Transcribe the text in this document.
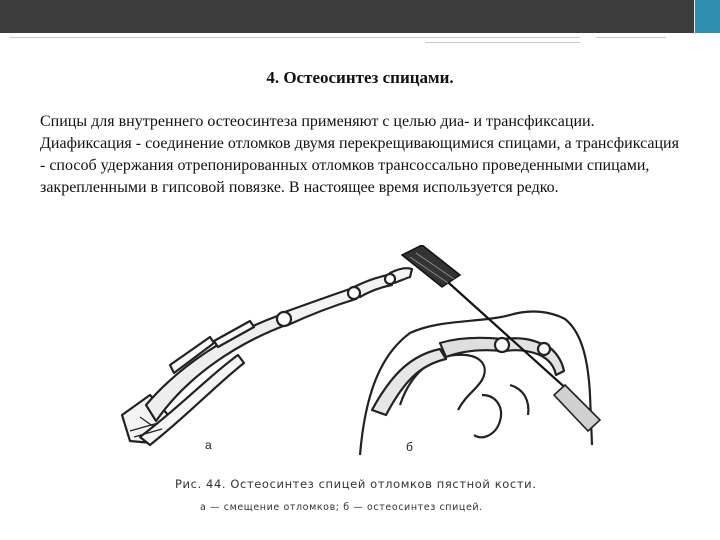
4. Остеосинтез спицами.
Спицы для внутреннего остеосинтеза применяют с целью диа- и трансфиксации. Диафиксация - соединение отломков двумя перекрещивающимися спицами, а трансфиксация - способ удержания отрепонированных отломков трансоссально проведенными спицами, закрепленными в гипсовой повязке. В настоящее время используется редко.
а	б
Рис. 44. Остеосинтез спицей отломков пястной кости.
а — смещение отломков; б — остеосинтез спицей.
